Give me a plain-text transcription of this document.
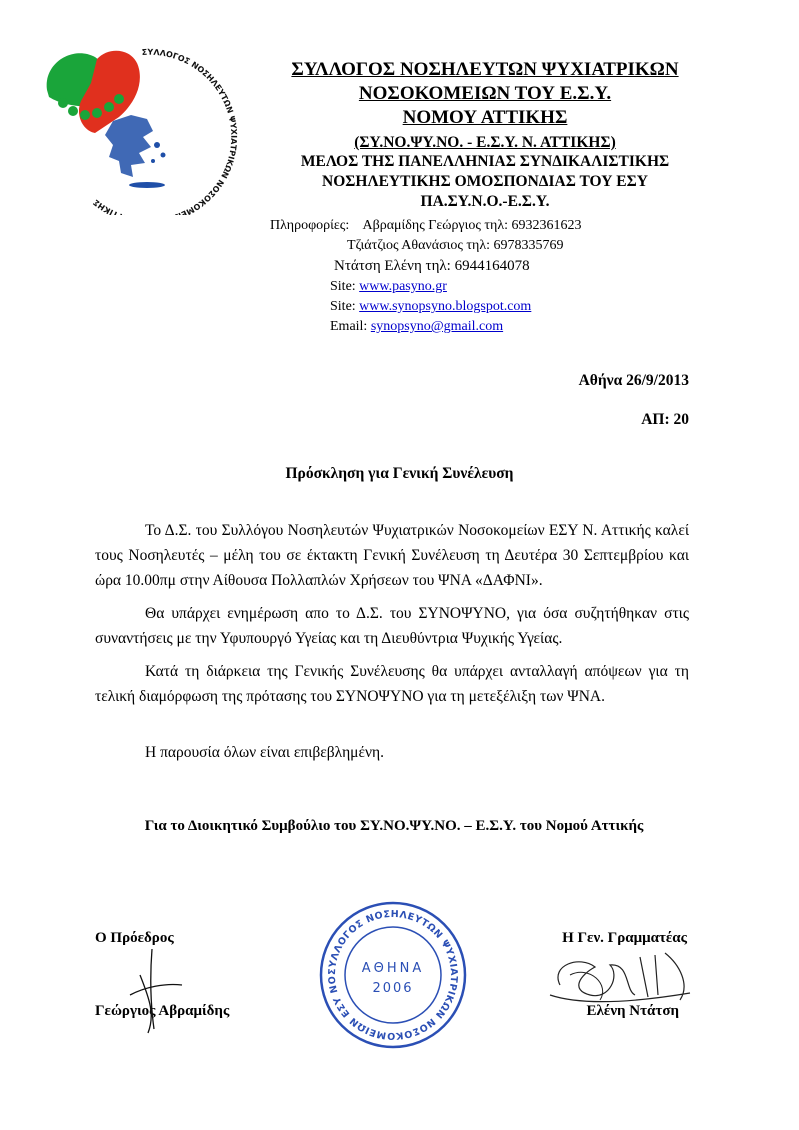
ΣΥΛΛΟΓΟΣ ΝΟΣΗΛΕΥΤΩΝ ΨΥΧΙΑΤΡΙΚΩΝ ΝΟΣΟΚΟΜΕ ΤΙΚΗΣ
ΣΥΛΛΟΓΟΣ ΝΟΣΗΛΕΥΤΩΝ ΨΥΧΙΑΤΡΙΚΩΝ
ΝΟΣΟΚΟΜΕΙΩΝ ΤΟΥ Ε.Σ.Υ.
ΝΟΜΟΥ ΑΤΤΙΚΗΣ
(ΣΥ.ΝΟ.ΨΥ.ΝΟ. - Ε.Σ.Υ. Ν. ΑΤΤΙΚΗΣ)
ΜΕΛΟΣ ΤΗΣ ΠΑΝΕΛΛΗΝΙΑΣ ΣΥΝΔΙΚΑΛΙΣΤΙΚΗΣ
ΝΟΣΗΛΕΥΤΙΚΗΣ ΟΜΟΣΠΟΝΔΙΑΣ ΤΟΥ ΕΣΥ
ΠΑ.ΣΥ.Ν.Ο.-Ε.Σ.Υ.
Πληροφορίες: Αβραμίδης Γεώργιος τηλ: 6932361623
Τζιάτζιος Αθανάσιος τηλ: 6978335769
Ντάτση Ελένη τηλ: 6944164078
Site: www.pasyno.gr
Site: www.synopsyno.blogspot.com
Email: synopsyno@gmail.com
Αθήνα 26/9/2013
ΑΠ: 20
Πρόσκληση για Γενική Συνέλευση

Το Δ.Σ. του Συλλόγου Νοσηλευτών Ψυχιατρικών Νοσοκομείων ΕΣΥ Ν. Αττικής καλεί τους Νοσηλευτές – μέλη του σε έκτακτη Γενική Συνέλευση τη Δευτέρα 30 Σεπτεμβρίου και ώρα 10.00πμ στην Αίθουσα Πολλαπλών Χρήσεων του ΨΝΑ «ΔΑΦΝΙ».

Θα υπάρχει ενημέρωση απο το Δ.Σ. του ΣΥΝΟΨΥΝΟ, για όσα συζητήθηκαν στις συναντήσεις με την Υφυπουργό Υγείας και τη Διευθύντρια Ψυχικής Υγείας.

Κατά τη διάρκεια της Γενικής Συνέλευσης θα υπάρχει ανταλλαγή απόψεων για τη τελική διαμόρφωση της πρότασης του ΣΥΝΟΨΥΝΟ για τη μετεξέλιξη των ΨΝΑ.

Η παρουσία όλων είναι επιβεβλημένη.

Για το Διοικητικό Συμβούλιο του ΣΥ.ΝΟ.ΨΥ.ΝΟ. – Ε.Σ.Υ. του Νομού Αττικής
Ο Πρόεδρος
Γεώργιος Αβραμίδης
Η Γεν. Γραμματέας
Ελένη Ντάτση
ΣΥΛΛΟΓΟΣ ΝΟΣΗΛΕΥΤΩΝ ΨΥΧΙΑΤΡΙΚΩΝ ΝΟΣΟΚΟΜΕΙΩΝ ΕΣΥ ΝΟ
ΑΘΗΝΑ
2006
